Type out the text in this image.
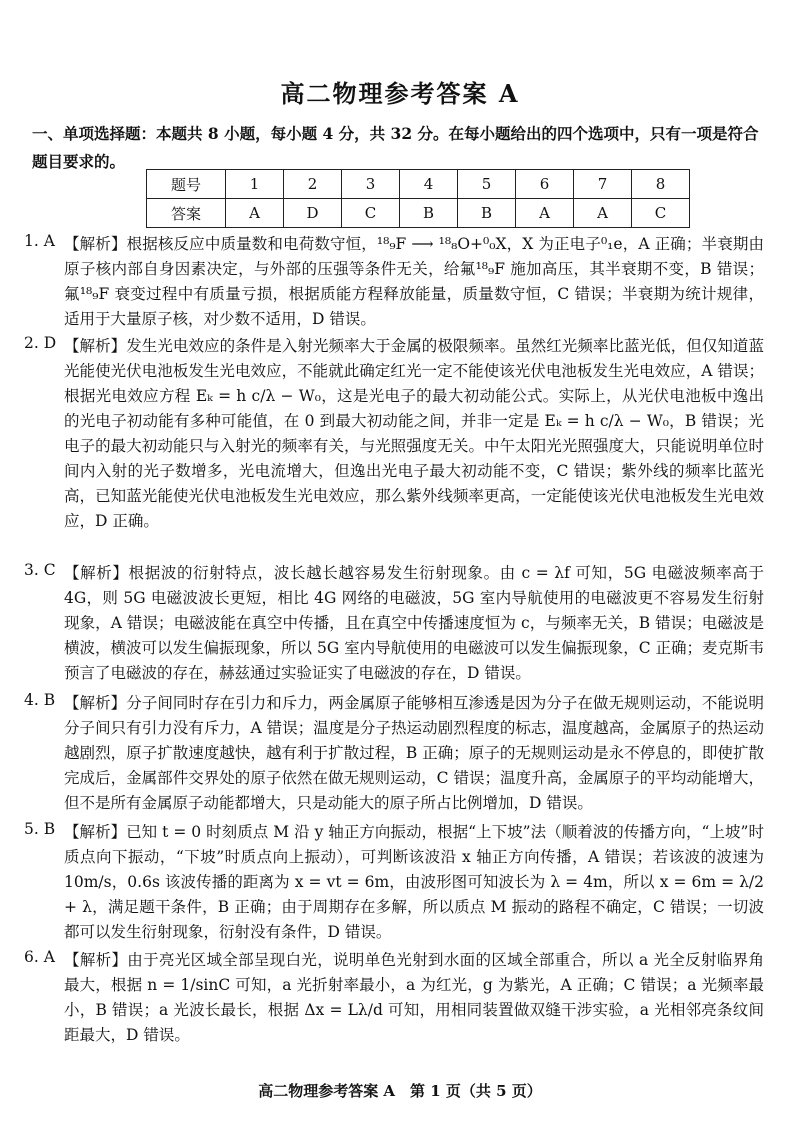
高二物理参考答案 A
一、单项选择题：本题共 8 小题，每小题 4 分，共 32 分。在每小题给出的四个选项中，只有一项是符合题目要求的。
题号	1	2	3	4	5	6	7	8
答案	A	D	C	B	B	A	A	C
1. A 【解析】根据核反应中质量数和电荷数守恒，¹⁸₉F ⟶ ¹⁸₈O+⁰₀X，X 为正电子⁰₁e，A 正确；半衰期由原子核内部自身因素决定，与外部的压强等条件无关，给氟¹⁸₉F 施加高压，其半衰期不变，B 错误；氟¹⁸₉F 衰变过程中有质量亏损，根据质能方程释放能量，质量数守恒，C 错误；半衰期为统计规律，适用于大量原子核，对少数不适用，D 错误。
2. D 【解析】发生光电效应的条件是入射光频率大于金属的极限频率。虽然红光频率比蓝光低，但仅知道蓝光能使光伏电池板发生光电效应，不能就此确定红光一定不能使该光伏电池板发生光电效应，A 错误；根据光电效应方程 Eₖ = h c/λ − W₀，这是光电子的最大初动能公式。实际上，从光伏电池板中逸出的光电子初动能有多种可能值，在 0 到最大初动能之间，并非一定是 Eₖ = h c/λ − W₀，B 错误；光电子的最大初动能只与入射光的频率有关，与光照强度无关。中午太阳光光照强度大，只能说明单位时间内入射的光子数增多，光电流增大，但逸出光电子最大初动能不变，C 错误；紫外线的频率比蓝光高，已知蓝光能使光伏电池板发生光电效应，那么紫外线频率更高，一定能使该光伏电池板发生光电效应，D 正确。
3. C 【解析】根据波的衍射特点，波长越长越容易发生衍射现象。由 c = λf 可知，5G 电磁波频率高于 4G，则 5G 电磁波波长更短，相比 4G 网络的电磁波，5G 室内导航使用的电磁波更不容易发生衍射现象，A 错误；电磁波能在真空中传播，且在真空中传播速度恒为 c，与频率无关，B 错误；电磁波是横波，横波可以发生偏振现象，所以 5G 室内导航使用的电磁波可以发生偏振现象，C 正确；麦克斯韦预言了电磁波的存在，赫兹通过实验证实了电磁波的存在，D 错误。
4. B 【解析】分子间同时存在引力和斥力，两金属原子能够相互渗透是因为分子在做无规则运动，不能说明分子间只有引力没有斥力，A 错误；温度是分子热运动剧烈程度的标志，温度越高，金属原子的热运动越剧烈，原子扩散速度越快，越有利于扩散过程，B 正确；原子的无规则运动是永不停息的，即使扩散完成后，金属部件交界处的原子依然在做无规则运动，C 错误；温度升高，金属原子的平均动能增大，但不是所有金属原子动能都增大，只是动能大的原子所占比例增加，D 错误。
5. B 【解析】已知 t = 0 时刻质点 M 沿 y 轴正方向振动，根据“上下坡”法（顺着波的传播方向，“上坡”时质点向下振动，“下坡”时质点向上振动），可判断该波沿 x 轴正方向传播，A 错误；若该波的波速为 10m/s，0.6s 该波传播的距离为 x = vt = 6m，由波形图可知波长为 λ = 4m，所以 x = 6m = λ/2 + λ，满足题干条件，B 正确；由于周期存在多解，所以质点 M 振动的路程不确定，C 错误；一切波都可以发生衍射现象，衍射没有条件，D 错误。
6. A 【解析】由于亮光区域全部呈现白光，说明单色光射到水面的区域全部重合，所以 a 光全反射临界角最大，根据 n = 1/sinC 可知，a 光折射率最小，a 为红光，g 为紫光，A 正确；C 错误；a 光频率最小，B 错误；a 光波长最长，根据 Δx = Lλ/d 可知，用相同装置做双缝干涉实验，a 光相邻亮条纹间距最大，D 错误。
高二物理参考答案 A　第 1 页（共 5 页）
